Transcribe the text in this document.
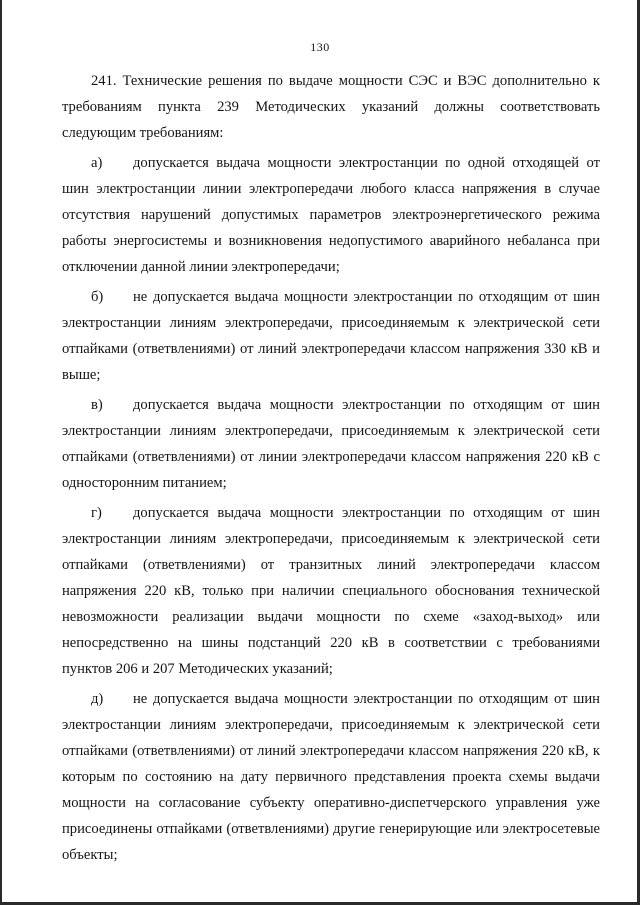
130

241. Технические решения по выдаче мощности СЭС и ВЭС дополнительно к требованиям пункта 239 Методических указаний должны соответствовать следующим требованиям:

а) допускается выдача мощности электростанции по одной отходящей от шин электростанции линии электропередачи любого класса напряжения в случае отсутствия нарушений допустимых параметров электроэнергетического режима работы энергосистемы и возникновения недопустимого аварийного небаланса при отключении данной линии электропередачи;

б) не допускается выдача мощности электростанции по отходящим от шин электростанции линиям электропередачи, присоединяемым к электрической сети отпайками (ответвлениями) от линий электропередачи классом напряжения 330 кВ и выше;

в) допускается выдача мощности электростанции по отходящим от шин электростанции линиям электропередачи, присоединяемым к электрической сети отпайками (ответвлениями) от линии электропередачи классом напряжения 220 кВ с односторонним питанием;

г) допускается выдача мощности электростанции по отходящим от шин электростанции линиям электропередачи, присоединяемым к электрической сети отпайками (ответвлениями) от транзитных линий электропередачи классом напряжения 220 кВ, только при наличии специального обоснования технической невозможности реализации выдачи мощности по схеме «заход-выход» или непосредственно на шины подстанций 220 кВ в соответствии с требованиями пунктов 206 и 207 Методических указаний;

д) не допускается выдача мощности электростанции по отходящим от шин электростанции линиям электропередачи, присоединяемым к электрической сети отпайками (ответвлениями) от линий электропередачи классом напряжения 220 кВ, к которым по состоянию на дату первичного представления проекта схемы выдачи мощности на согласование субъекту оперативно-диспетчерского управления уже присоединены отпайками (ответвлениями) другие генерирующие или электросетевые объекты;
